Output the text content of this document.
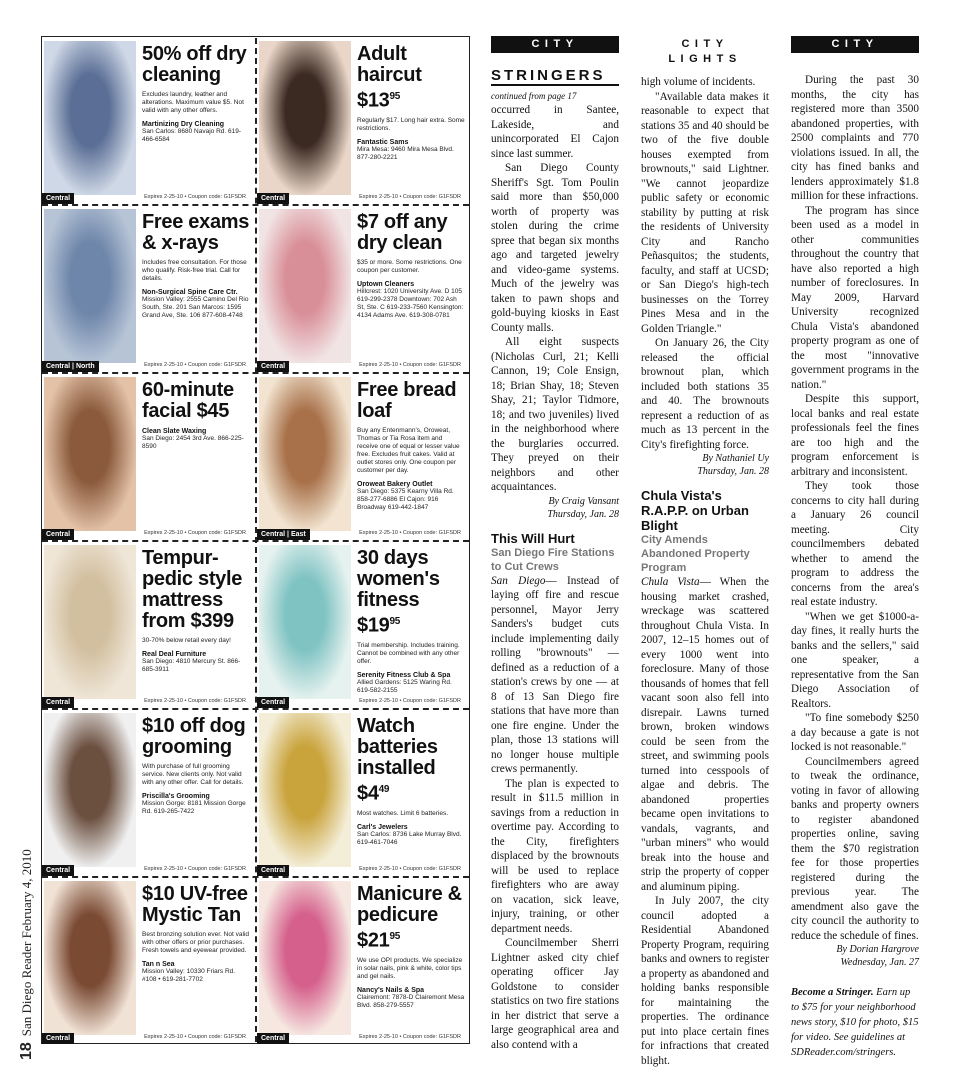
18San Diego Reader February 4, 2010
Central
50% off dry cleaning
Excludes laundry, leather and alterations. Maximum value $5. Not valid with any other offers.
Martinizing Dry Cleaning
San Carlos: 8680 Navajo Rd. 619-466-6584
Expires 2-25-10 • Coupon code: G1FSDR	Central
Adult haircut $\$13^{95}$
Regularly $17. Long hair extra. Some restrictions.
Fantastic Sams
Mira Mesa: 9460 Mira Mesa Blvd. 877-280-2221
Expires 2-25-10 • Coupon code: G1FSDR
Central | North
Free exams & x-rays
Includes free consultation. For those who qualify. Risk-free trial. Call for details.
Non-Surgical Spine Care Ctr.
Mission Valley: 2555 Camino Del Rio South, Ste. 201 San Marcos: 1595 Grand Ave, Ste. 106 877-608-4748
Expires 2-25-10 • Coupon code: G1FSDR	Central
$7 off any dry clean
$35 or more. Some restrictions. One coupon per customer.
Uptown Cleaners
Hillcrest: 1020 University Ave. D 105 619-299-2378 Downtown: 702 Ash St, Ste. C 619-233-7560 Kensington: 4134 Adams Ave. 619-308-0781
Expires 2-25-10 • Coupon code: G1FSDR
Central
60-minute facial $45
Clean Slate Waxing
San Diego: 2454 3rd Ave. 866-225-8590
Expires 2-25-10 • Coupon code: G1FSDR	Central | East
Free bread loaf
Buy any Entenmann's, Oroweat, Thomas or Tia Rosa item and receive one of equal or lesser value free. Excludes fruit cakes. Valid at outlet stores only. One coupon per customer per day.
Oroweat Bakery Outlet
San Diego: 5375 Kearny Villa Rd. 858-277-6886 El Cajon: 916 Broadway 619-442-1847
Expires 2-25-10 • Coupon code: G1FSDR
Central
Tempur-pedic style mattress from $399
30-70% below retail every day!
Real Deal Furniture
San Diego: 4810 Mercury St. 866-685-3911
Expires 2-25-10 • Coupon code: G1FSDR	Central
30 days women's fitness $\$19^{95}$
Trial membership. Includes training. Cannot be combined with any other offer.
Serenity Fitness Club & Spa
Allied Gardens: 5125 Waring Rd. 619-582-2155
Expires 2-25-10 • Coupon code: G1FSDR
Central
$10 off dog grooming
With purchase of full grooming service. New clients only. Not valid with any other offer. Call for details.
Priscilla's Grooming
Mission Gorge: 8181 Mission Gorge Rd. 619-265-7422
Expires 2-25-10 • Coupon code: G1FSDR	Central
Watch batteries installed $\$4^{49}$
Most watches. Limit 6 batteries.
Carl's Jewelers
San Carlos: 8736 Lake Murray Blvd. 619-461-7046
Expires 2-25-10 • Coupon code: G1FSDR
Central
$10 UV-free Mystic Tan
Best bronzing solution ever. Not valid with other offers or prior purchases. Fresh towels and eyewear provided.
Tan n Sea
Mission Valley: 10330 Friars Rd. #108 • 619-281-7702
Expires 2-25-10 • Coupon code: G1FSDR	Central
Manicure & pedicure $\$21^{95}$
We use OPI products. We specialize in solar nails, pink & white, color tips and gel nails.
Nancy's Nails & Spa
Clairemont: 7878-D Clairemont Mesa Blvd. 858-279-5557
Expires 2-25-10 • Coupon code: G1FSDR
CITY LIGHTS
STRINGERS
continued from page 17

occurred in Santee, Lakeside, and unincorporated El Cajon since last summer.

San Diego County Sheriff's Sgt. Tom Poulin said more than $50,000 worth of property was stolen during the crime spree that began six months ago and targeted jewelry and video-game systems. Much of the jewelry was taken to pawn shops and gold-buying kiosks in East County malls.

All eight suspects (Nicholas Curl, 21; Kelli Cannon, 19; Cole Ensign, 18; Brian Shay, 18; Steven Shay, 21; Taylor Tidmore, 18; and two juveniles) lived in the neighborhood where the burglaries occurred. They preyed on their neighbors and other acquaintances.

By Craig Vansant
Thursday, Jan. 28
This Will Hurt
San Diego Fire Stations
to Cut Crews

San Diego— Instead of laying off fire and rescue personnel, Mayor Jerry Sanders's budget cuts include implementing daily rolling "brownouts" — defined as a reduction of a station's crews by one — at 8 of 13 San Diego fire stations that have more than one fire engine. Under the plan, those 13 stations will no longer house multiple crews permanently.

The plan is expected to result in $11.5 million in savings from a reduction in overtime pay. According to the City, firefighters displaced by the brownouts will be used to replace firefighters who are away on vacation, sick leave, injury, training, or other department needs.

Councilmember Sherri Lightner asked city chief operating officer Jay Goldstone to consider statistics on two fire stations in her district that serve a large geographical area and also contend with a

CITY LIGHTS

high volume of incidents.

"Available data makes it reasonable to expect that stations 35 and 40 should be two of the five double houses exempted from brownouts," said Lightner. "We cannot jeopardize public safety or economic stability by putting at risk the residents of University City and Rancho Peñasquitos; the students, faculty, and staff at UCSD; or San Diego's high-tech businesses on the Torrey Pines Mesa and in the Golden Triangle."

On January 26, the City released the official brownout plan, which included both stations 35 and 40. The brownouts represent a reduction of as much as 13 percent in the City's firefighting force.

By Nathaniel Uy
Thursday, Jan. 28
Chula Vista's R.A.P.P. on Urban Blight
City Amends Abandoned Property Program

Chula Vista— When the housing market crashed, wreckage was scattered throughout Chula Vista. In 2007, 12–15 homes out of every 1000 went into foreclosure. Many of those thousands of homes that fell vacant soon also fell into disrepair. Lawns turned brown, broken windows could be seen from the street, and swimming pools turned into cesspools of algae and debris. The abandoned properties became open invitations to vandals, vagrants, and "urban miners" who would break into the house and strip the property of copper and aluminum piping.

In July 2007, the city council adopted a Residential Abandoned Property Program, requiring banks and owners to register a property as abandoned and holding banks responsible for maintaining the properties. The ordinance put into place certain fines for infractions that created blight.

CITY LIGHTS

During the past 30 months, the city has registered more than 3500 abandoned properties, with 2500 complaints and 770 violations issued. In all, the city has fined banks and lenders approximately $1.8 million for these infractions.

The program has since been used as a model in other communities throughout the country that have also reported a high number of foreclosures. In May 2009, Harvard University recognized Chula Vista's abandoned property program as one of the most "innovative government programs in the nation."

Despite this support, local banks and real estate professionals feel the fines are too high and the program enforcement is arbitrary and inconsistent.

They took those concerns to city hall during a January 26 council meeting. City councilmembers debated whether to amend the program to address the concerns from the area's real estate industry.

"When we get $1000-a-day fines, it really hurts the banks and the sellers," said one speaker, a representative from the San Diego Association of Realtors.

"To fine somebody $250 a day because a gate is not locked is not reasonable."

Councilmembers agreed to tweak the ordinance, voting in favor of allowing banks and property owners to register abandoned properties online, saving them the $70 registration fee for those properties registered during the previous year. The amendment also gave the city council the authority to reduce the schedule of fines.

By Dorian Hargrove
Wednesday, Jan. 27
Become a Stringer. Earn up to $75 for your neighborhood news story, $10 for photo, $15 for video. See guidelines at SDReader.com/stringers.
